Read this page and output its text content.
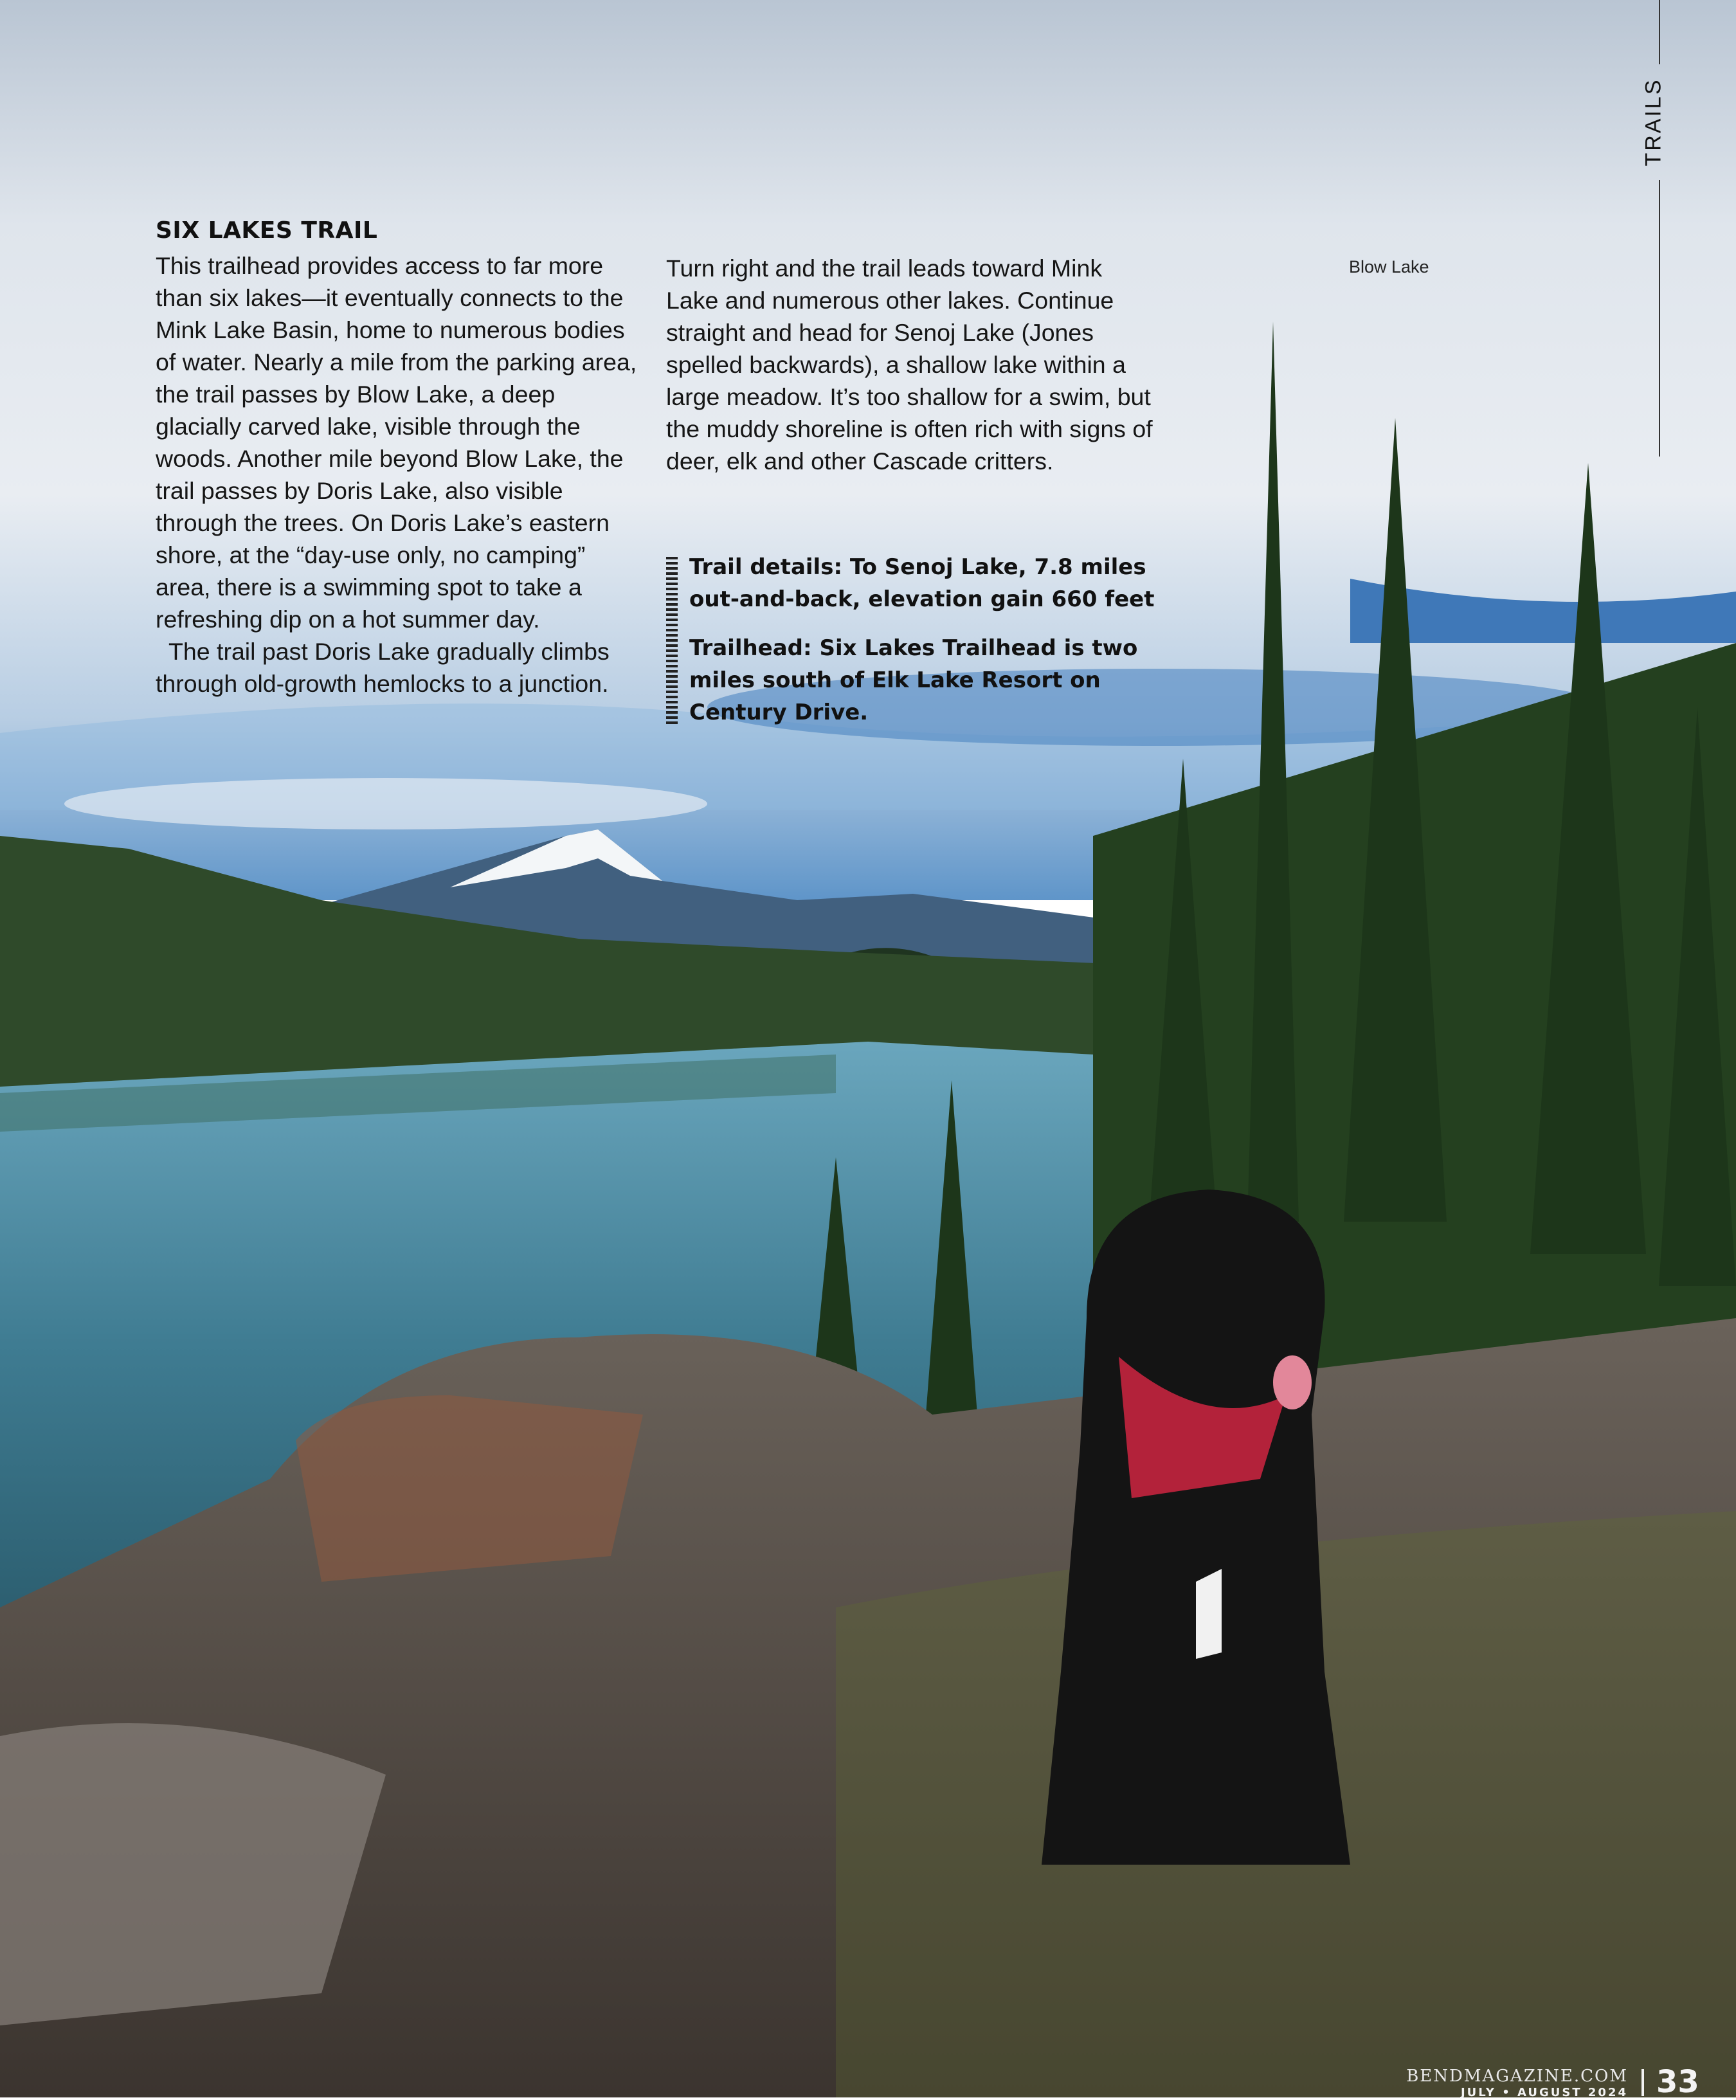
TRAILS
SIX LAKES TRAIL

This trailhead provides access to far more than six lakes—it eventually connects to the Mink Lake Basin, home to numerous bodies of water. Nearly a mile from the parking area, the trail passes by Blow Lake, a deep glacially carved lake, visible through the woods. Another mile beyond Blow Lake, the trail passes by Doris Lake, also visible through the trees. On Doris Lake’s eastern shore, at the “day-use only, no camping” area, there is a swimming spot to take a refreshing dip on a hot summer day.

The trail past Doris Lake gradually climbs through old-growth hemlocks to a junction.

Turn right and the trail leads toward Mink Lake and numerous other lakes. Continue straight and head for Senoj Lake (Jones spelled backwards), a shallow lake within a large meadow. It’s too shallow for a swim, but the muddy shoreline is often rich with signs of deer, elk and other Cascade critters.

Trail details: To Senoj Lake, 7.8 miles out-and-back, elevation gain 660 feet

Trailhead: Six Lakes Trailhead is two miles south of Elk Lake Resort on Century Drive.

Blow Lake
BENDMAGAZINE.COM
JULY • AUGUST 2024 33
